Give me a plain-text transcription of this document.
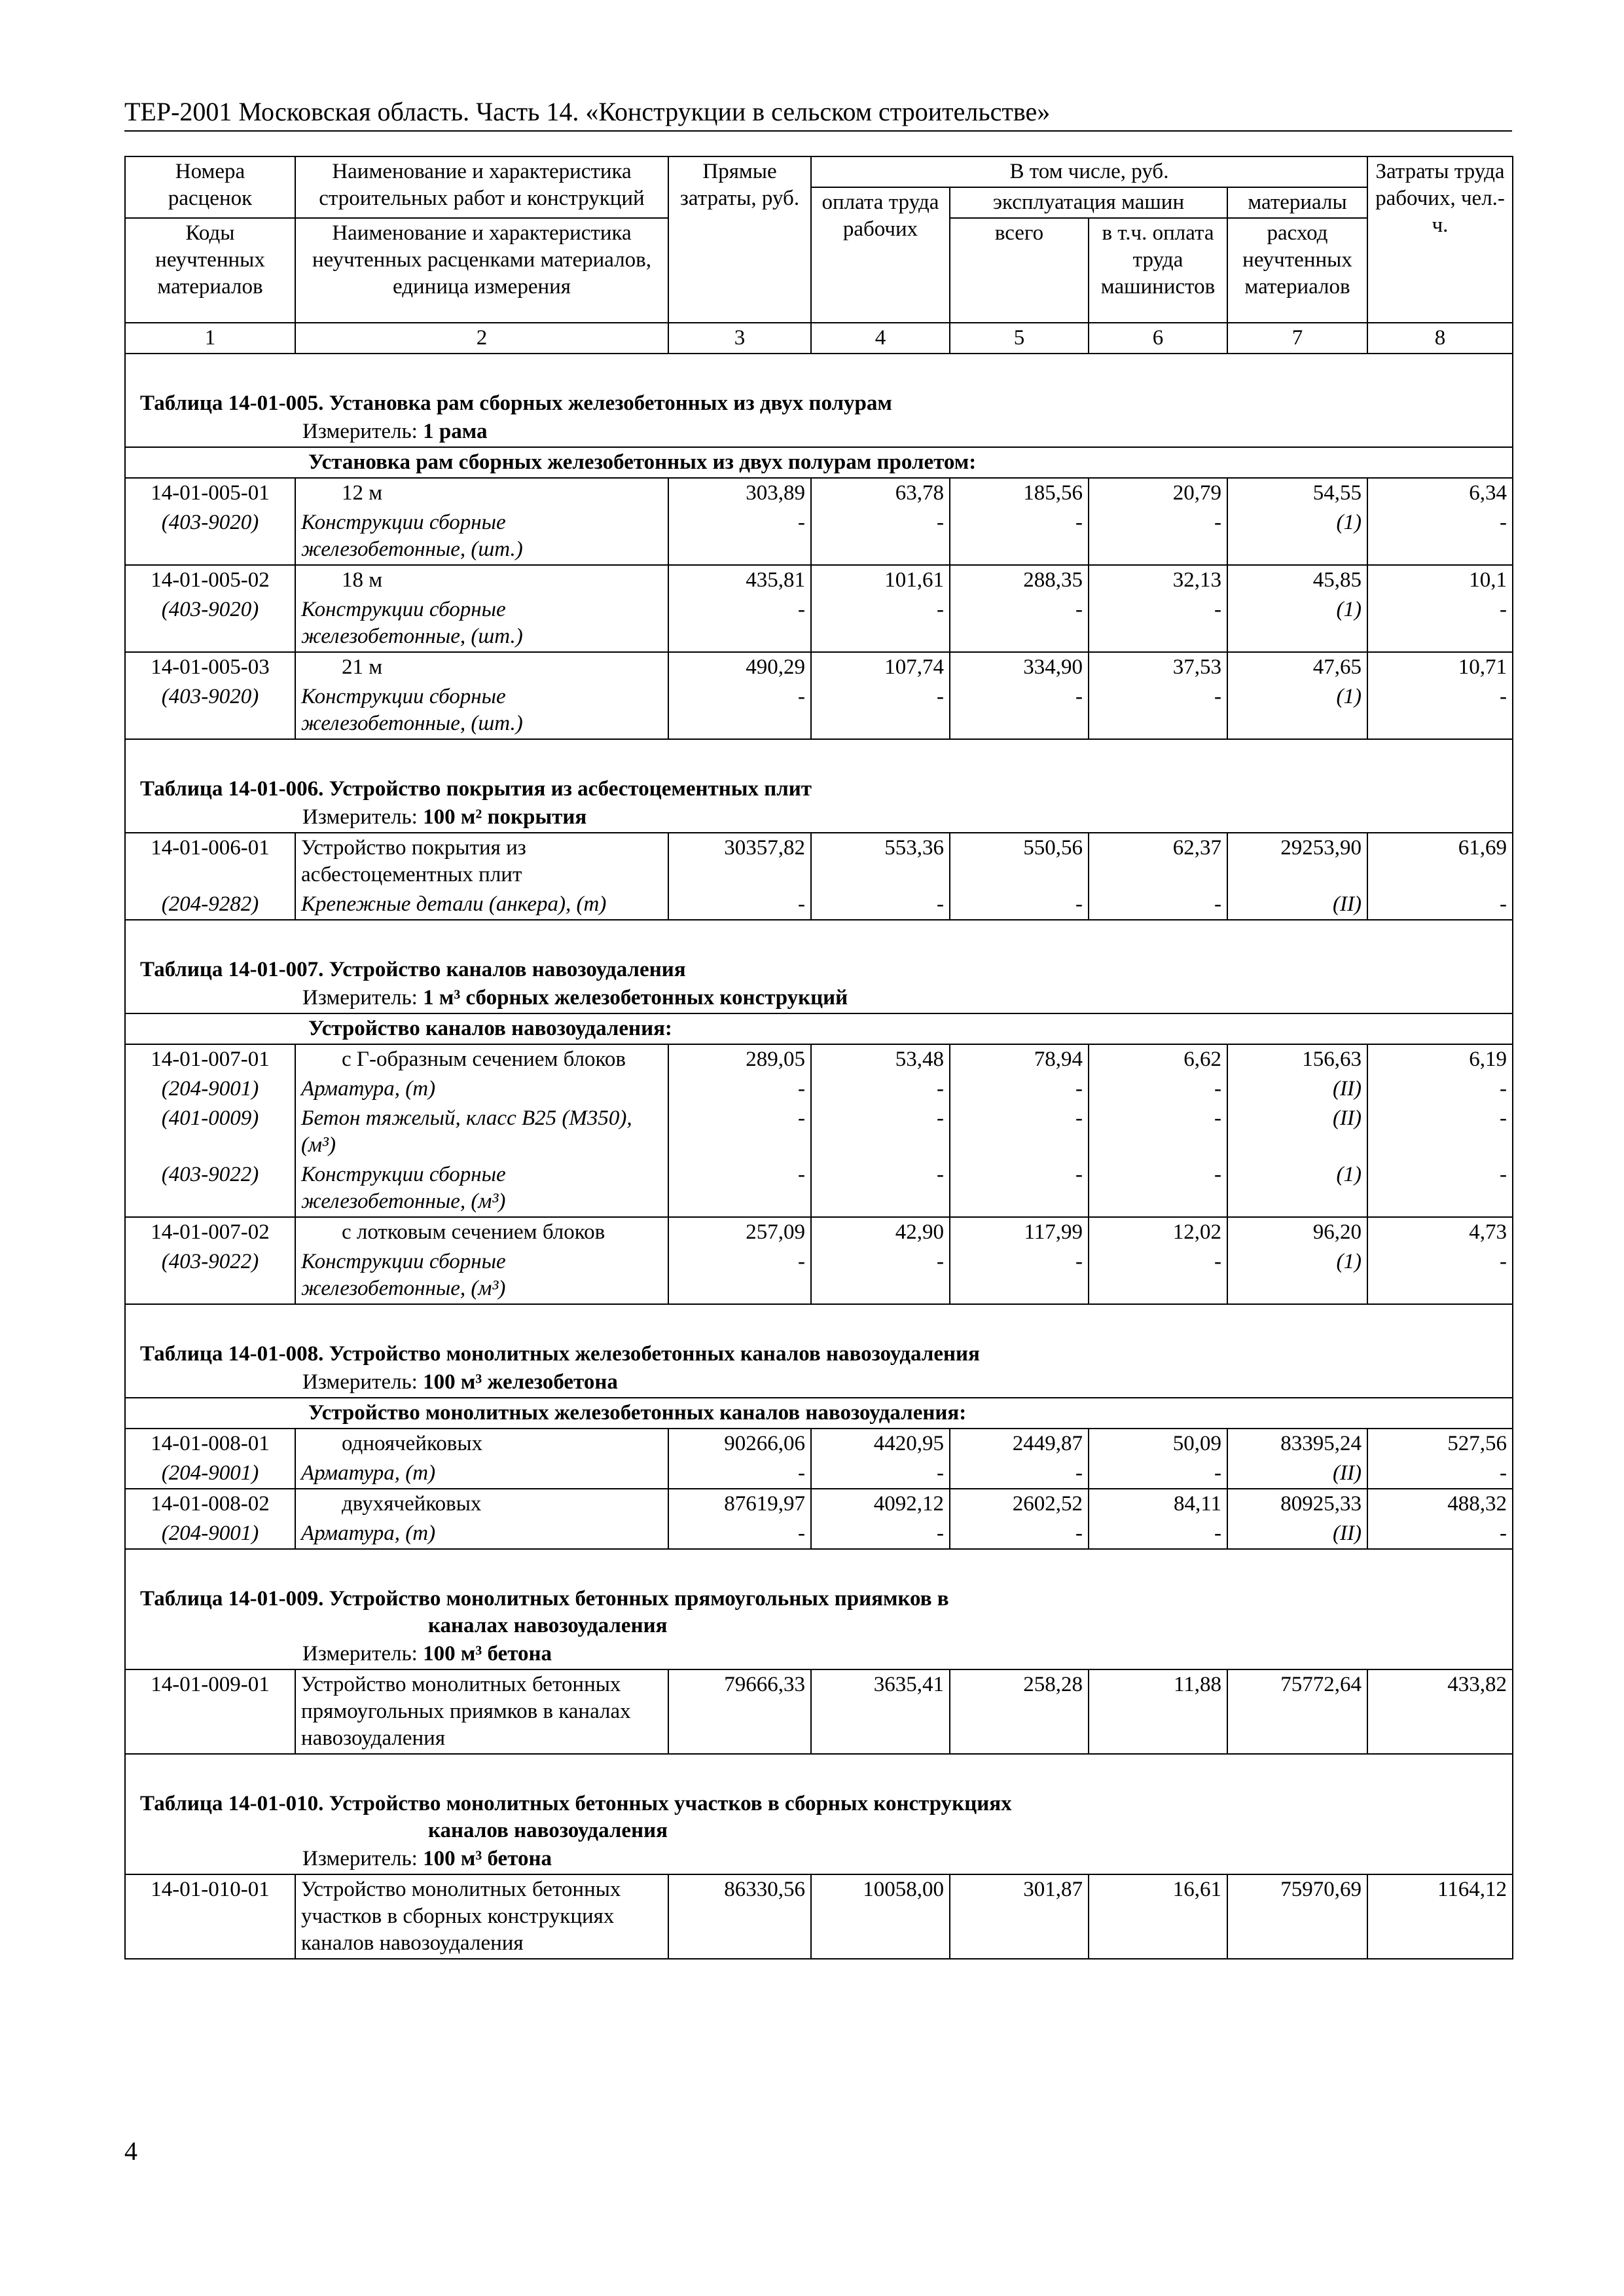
ТЕР-2001 Московская область. Часть 14. «Конструкции в сельском строительстве»
Номера расценок	Наименование и характеристика строительных работ и конструкций	Прямые затраты, руб.	В том числе, руб.				Затраты труда рабочих, чел.-ч.
			оплата труда рабочих	эксплуатация машин		материалы	
Коды неучтенных материалов	Наименование и характеристика неучтенных расценками материалов, единица измерения			всего	в т.ч. оплата труда машинистов	расход неучтенных материалов	

1	2	3	4	5	6	7	8

Таблица 14-01-005. Установка рам сборных железобетонных из двух полурам							
Измеритель: 1 рама							
	Установка рам сборных железобетонных из двух полурам пролетом:						
14-01-005-01	12 м	303,89	63,78	185,56	20,79	54,55	6,34
(403-9020)	Конструкции сборные железобетонные, (шт.)	-	-	-	-	(1)	-
14-01-005-02	18 м	435,81	101,61	288,35	32,13	45,85	10,1
(403-9020)	Конструкции сборные железобетонные, (шт.)	-	-	-	-	(1)	-
14-01-005-03	21 м	490,29	107,74	334,90	37,53	47,65	10,71
(403-9020)	Конструкции сборные железобетонные, (шт.)	-	-	-	-	(1)	-

Таблица 14-01-006. Устройство покрытия из асбестоцементных плит							
Измеритель: 100 м² покрытия							
14-01-006-01	Устройство покрытия из асбестоцементных плит	30357,82	553,36	550,56	62,37	29253,90	61,69
(204-9282)	Крепежные детали (анкера), (т)	-	-	-	-	(II)	-

Таблица 14-01-007. Устройство каналов навозоудаления							
Измеритель: 1 м³ сборных железобетонных конструкций							
	Устройство каналов навозоудаления:						
14-01-007-01	с Г-образным сечением блоков	289,05	53,48	78,94	6,62	156,63	6,19
(204-9001)	Арматура, (т)	-	-	-	-	(II)	-
(401-0009)	Бетон тяжелый, класс В25 (М350), (м³)	-	-	-	-	(II)	-
(403-9022)	Конструкции сборные железобетонные, (м³)	-	-	-	-	(1)	-
14-01-007-02	с лотковым сечением блоков	257,09	42,90	117,99	12,02	96,20	4,73
(403-9022)	Конструкции сборные железобетонные, (м³)	-	-	-	-	(1)	-

Таблица 14-01-008. Устройство монолитных железобетонных каналов навозоудаления							
Измеритель: 100 м³ железобетона							
	Устройство монолитных железобетонных каналов навозоудаления:						
14-01-008-01	одноячейковых	90266,06	4420,95	2449,87	50,09	83395,24	527,56
(204-9001)	Арматура, (т)	-	-	-	-	(II)	-
14-01-008-02	двухячейковых	87619,97	4092,12	2602,52	84,11	80925,33	488,32
(204-9001)	Арматура, (т)	-	-	-	-	(II)	-

Таблица 14-01-009. Устройство монолитных бетонных прямоугольных приямков в							
каналах навозоудаления							
Измеритель: 100 м³ бетона							
14-01-009-01	Устройство монолитных бетонных прямоугольных приямков в каналах навозоудаления	79666,33	3635,41	258,28	11,88	75772,64	433,82

Таблица 14-01-010. Устройство монолитных бетонных участков в сборных конструкциях							
каналов навозоудаления							
Измеритель: 100 м³ бетона							
14-01-010-01	Устройство монолитных бетонных участков в сборных конструкциях каналов навозоудаления	86330,56	10058,00	301,87	16,61	75970,69	1164,12
4
